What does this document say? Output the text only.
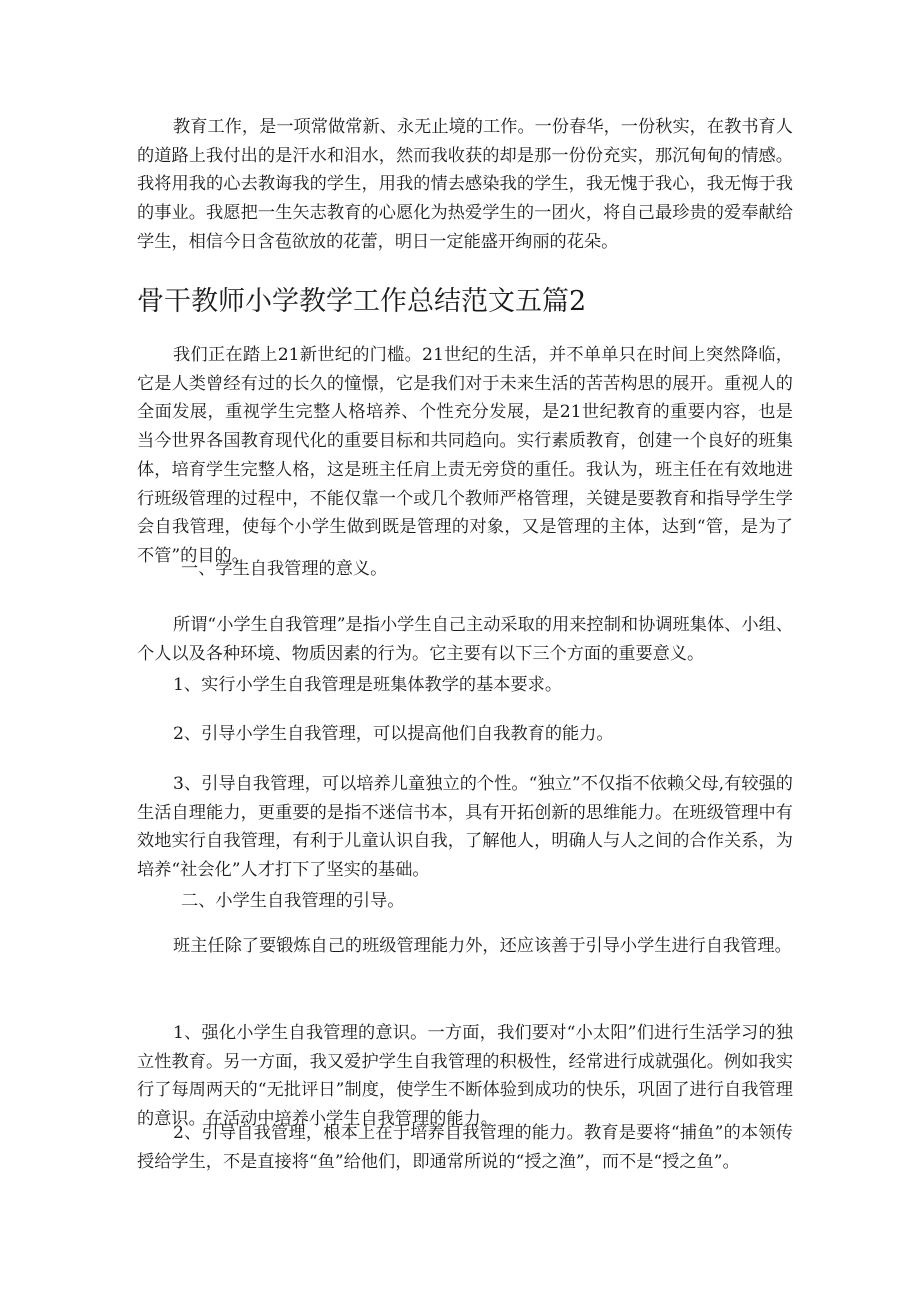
教育工作，是一项常做常新、永无止境的工作。一份春华，一份秋实，在教书育人的道路上我付出的是汗水和泪水，然而我收获的却是那一份份充实，那沉甸甸的情感。我将用我的心去教诲我的学生，用我的情去感染我的学生，我无愧于我心，我无悔于我的事业。我愿把一生矢志教育的心愿化为热爱学生的一团火，将自己最珍贵的爱奉献给学生，相信今日含苞欲放的花蕾，明日一定能盛开绚丽的花朵。

骨干教师小学教学工作总结范文五篇2

我们正在踏上21新世纪的门槛。21世纪的生活，并不单单只在时间上突然降临，它是人类曾经有过的长久的憧憬，它是我们对于未来生活的苦苦构思的展开。重视人的全面发展，重视学生完整人格培养、个性充分发展，是21世纪教育的重要内容，也是当今世界各国教育现代化的重要目标和共同趋向。实行素质教育，创建一个良好的班集体，培育学生完整人格，这是班主任肩上责无旁贷的重任。我认为，班主任在有效地进行班级管理的过程中，不能仅靠一个或几个教师严格管理，关键是要教育和指导学生学会自我管理，使每个小学生做到既是管理的对象，又是管理的主体，达到“管，是为了不管”的目的。

一、学生自我管理的意义。

所谓“小学生自我管理”是指小学生自己主动采取的用来控制和协调班集体、小组、个人以及各种环境、物质因素的行为。它主要有以下三个方面的重要意义。

1、实行小学生自我管理是班集体教学的基本要求。

2、引导小学生自我管理，可以提高他们自我教育的能力。

3、引导自我管理，可以培养儿童独立的个性。“独立”不仅指不依赖父母,有较强的生活自理能力，更重要的是指不迷信书本，具有开拓创新的思维能力。在班级管理中有效地实行自我管理，有利于儿童认识自我，了解他人，明确人与人之间的合作关系，为培养“社会化”人才打下了坚实的基础。

二、小学生自我管理的引导。

班主任除了要锻炼自己的班级管理能力外，还应该善于引导小学生进行自我管理。

1、强化小学生自我管理的意识。一方面，我们要对“小太阳”们进行生活学习的独立性教育。另一方面，我又爱护学生自我管理的积极性，经常进行成就强化。例如我实行了每周两天的“无批评日”制度，使学生不断体验到成功的快乐，巩固了进行自我管理的意识。在活动中培养小学生自我管理的能力。

2、引导自我管理，根本上在于培养自我管理的能力。教育是要将“捕鱼”的本领传授给学生，不是直接将“鱼”给他们，即通常所说的“授之渔”，而不是“授之鱼”。
